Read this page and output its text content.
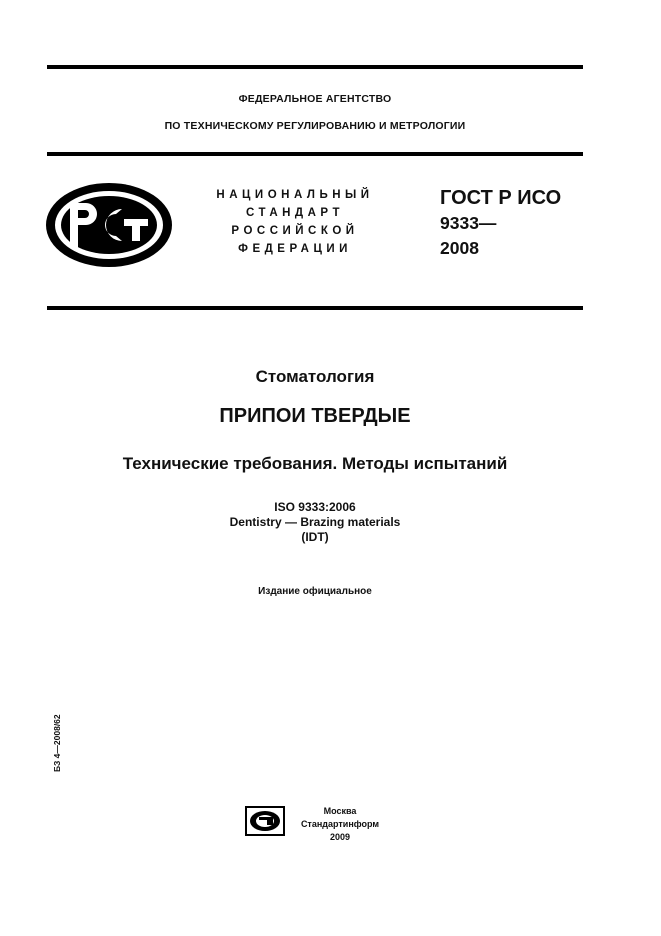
ФЕДЕРАЛЬНОЕ АГЕНТСТВО
ПО ТЕХНИЧЕСКОМУ РЕГУЛИРОВАНИЮ И МЕТРОЛОГИИ
НАЦИОНАЛЬНЫЙ
СТАНДАРТ
РОССИЙСКОЙ
ФЕДЕРАЦИИ
ГОСТ Р ИСО
9333—
2008
Стоматология
ПРИПОИ ТВЕРДЫЕ
Технические требования. Методы испытаний
ISO 9333:2006
Dentistry — Brazing materials
(IDT)
Издание официальное
БЗ 4—2008/62
Москва
Стандартинформ
2009
